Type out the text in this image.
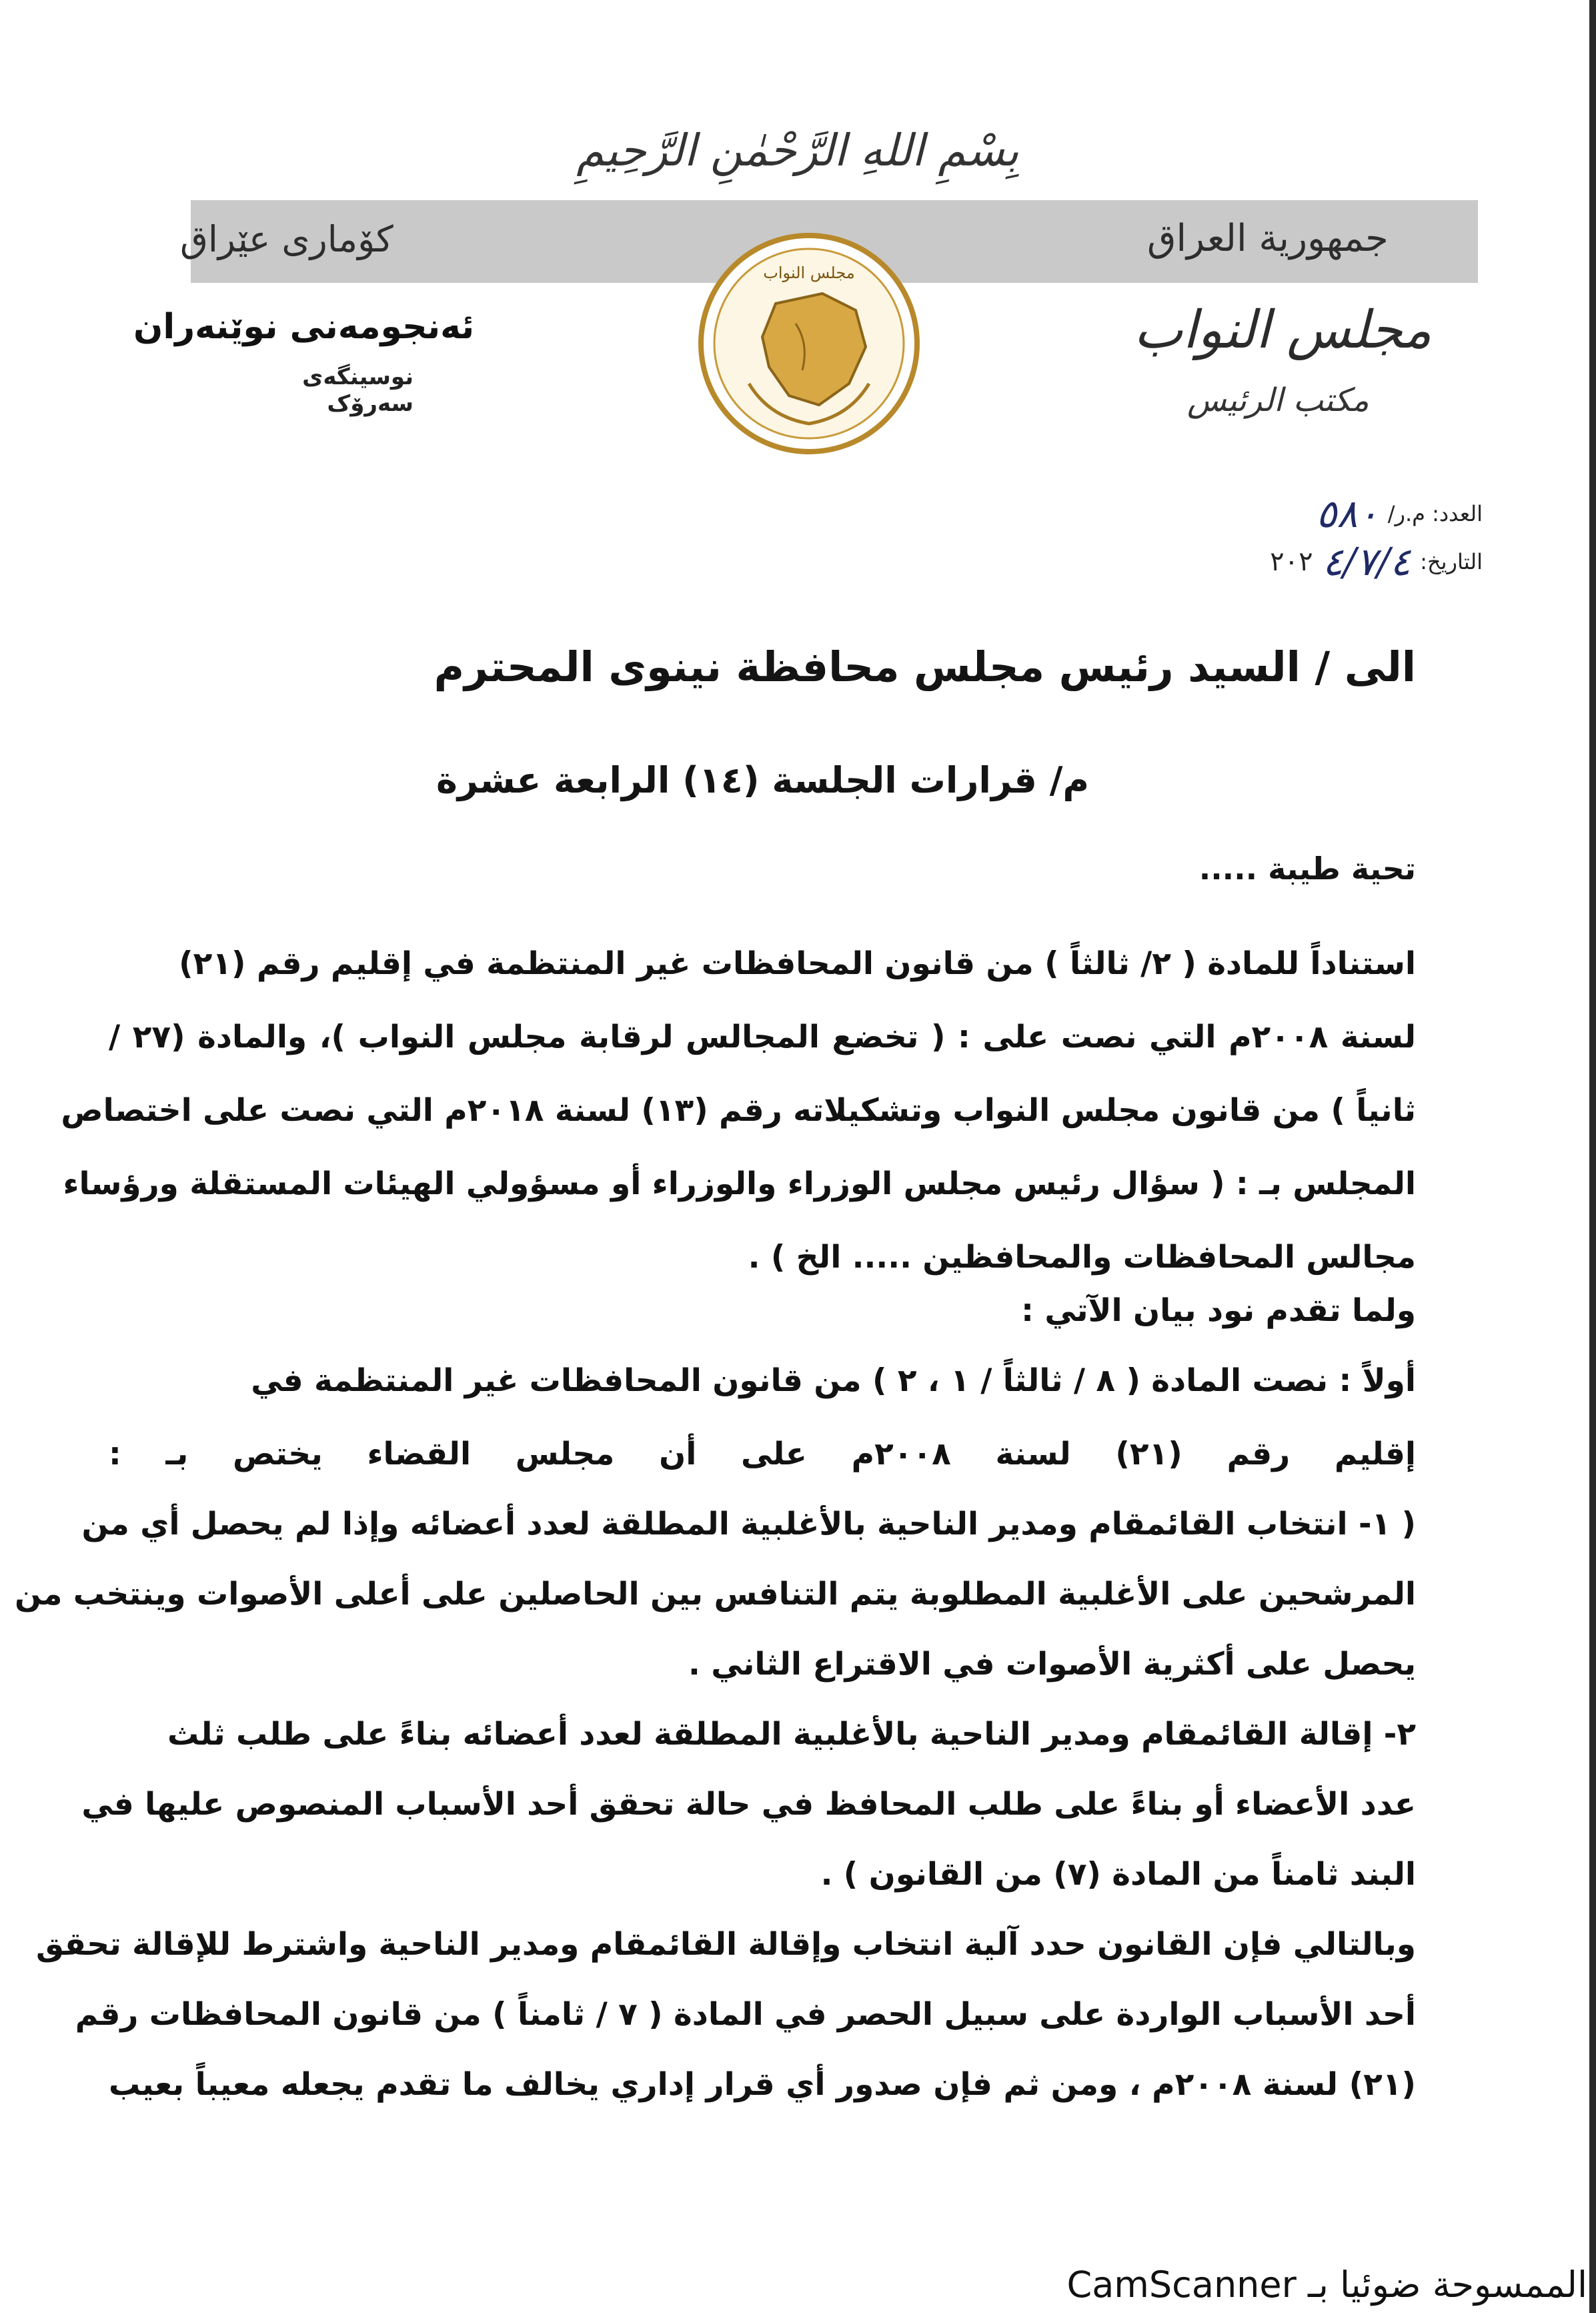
بِسْمِ اللهِ الرَّحْمٰنِ الرَّحِيمِ
كۆماری عێراق	جمهورية العراق
مجلس النواب
ئەنجومەنی نوێنەران
نوسینگەی سەرۆک
مجلس النواب
مكتب الرئيس
العدد: م.ر/
٥٨٠
التاريخ:
٤/٧/٤
٢٠٢
الى / السيد رئيس مجلس محافظة نينوى المحترم
م/ قرارات الجلسة (١٤) الرابعة عشرة
تحية طيبة .....
استناداً للمادة ( ٢/ ثالثاً ) من قانون المحافظات غير المنتظمة في إقليم رقم (٢١)
لسنة ٢٠٠٨م التي نصت على : ( تخضع المجالس لرقابة مجلس النواب )، والمادة (٢٧ /
ثانياً ) من قانون مجلس النواب وتشكيلاته رقم (١٣) لسنة ٢٠١٨م التي نصت على اختصاص
المجلس بـ : ( سؤال رئيس مجلس الوزراء والوزراء أو مسؤولي الهيئات المستقلة ورؤساء
مجالس المحافظات والمحافظين ..... الخ ) .
ولما تقدم نود بيان الآتي :
أولاً : نصت المادة ( ٨ / ثالثاً / ١ ، ٢ ) من قانون المحافظات غير المنتظمة في
إقليم رقم (٢١) لسنة ٢٠٠٨م على أن مجلس القضاء يختص بـ :
( ١- انتخاب القائمقام ومدير الناحية بالأغلبية المطلقة لعدد أعضائه وإذا لم يحصل أي من
المرشحين على الأغلبية المطلوبة يتم التنافس بين الحاصلين على أعلى الأصوات وينتخب من
يحصل على أكثرية الأصوات في الاقتراع الثاني .
٢- إقالة القائمقام ومدير الناحية بالأغلبية المطلقة لعدد أعضائه بناءً على طلب ثلث
عدد الأعضاء أو بناءً على طلب المحافظ في حالة تحقق أحد الأسباب المنصوص عليها في
البند ثامناً من المادة (٧) من القانون ) .
وبالتالي فإن القانون حدد آلية انتخاب وإقالة القائمقام ومدير الناحية واشترط للإقالة تحقق
أحد الأسباب الواردة على سبيل الحصر في المادة ( ٧ / ثامناً ) من قانون المحافظات رقم
(٢١) لسنة ٢٠٠٨م ، ومن ثم فإن صدور أي قرار إداري يخالف ما تقدم يجعله معيباً بعيب
الممسوحة ضوئيا بـ CamScanner
